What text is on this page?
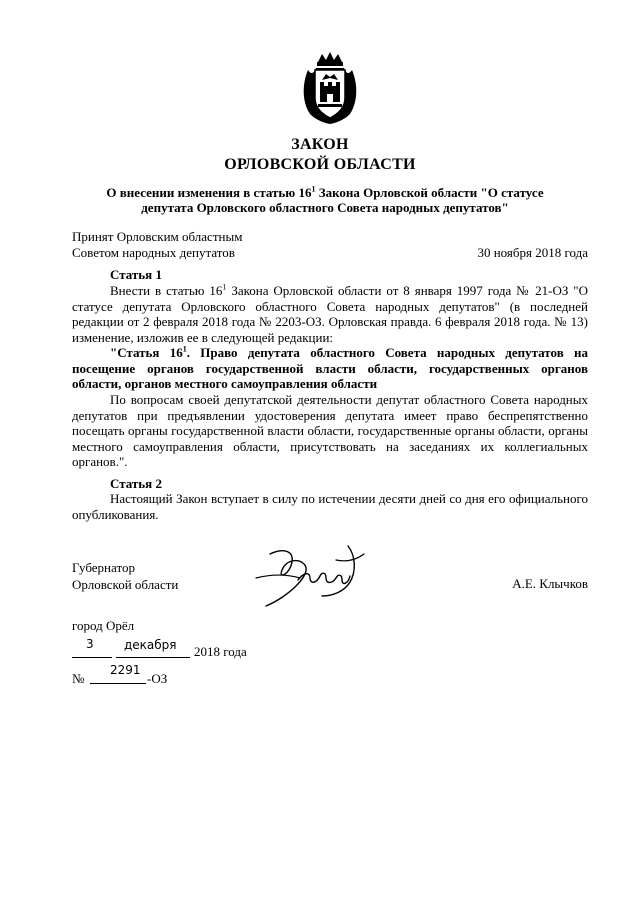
ЗАКОН
ОРЛОВСКОЙ ОБЛАСТИ
О внесении изменения в статью $16^1$ Закона Орловской области "О статусе депутата Орловского областного Совета народных депутатов"
Принят Орловским областным
Советом народных депутатов	30 ноября 2018 года
Статья 1
Внести в статью $16^1$ Закона Орловской области от 8 января 1997 года № 21-ОЗ "О статусе депутата Орловского областного Совета народных депутатов" (в последней редакции от 2 февраля 2018 года № 2203-ОЗ. Орловская правда. 6 февраля 2018 года. № 13) изменение, изложив ее в следующей редакции:
"Статья $16^1$. Право депутата областного Совета народных депутатов на посещение органов государственной власти области, государственных органов области, органов местного самоуправления области
По вопросам своей депутатской деятельности депутат областного Совета народных депутатов при предъявлении удостоверения депутата имеет право беспрепятственно посещать органы государственной власти области, государственные органы области, органы местного самоуправления области, присутствовать на заседаниях их коллегиальных органов.".
Статья 2
Настоящий Закон вступает в силу по истечении десяти дней со дня его официального опубликования.
Губернатор
Орловской области	А.Е. Клычков
город Орёл
3	декабря 2018 года
№
2291
-ОЗ
